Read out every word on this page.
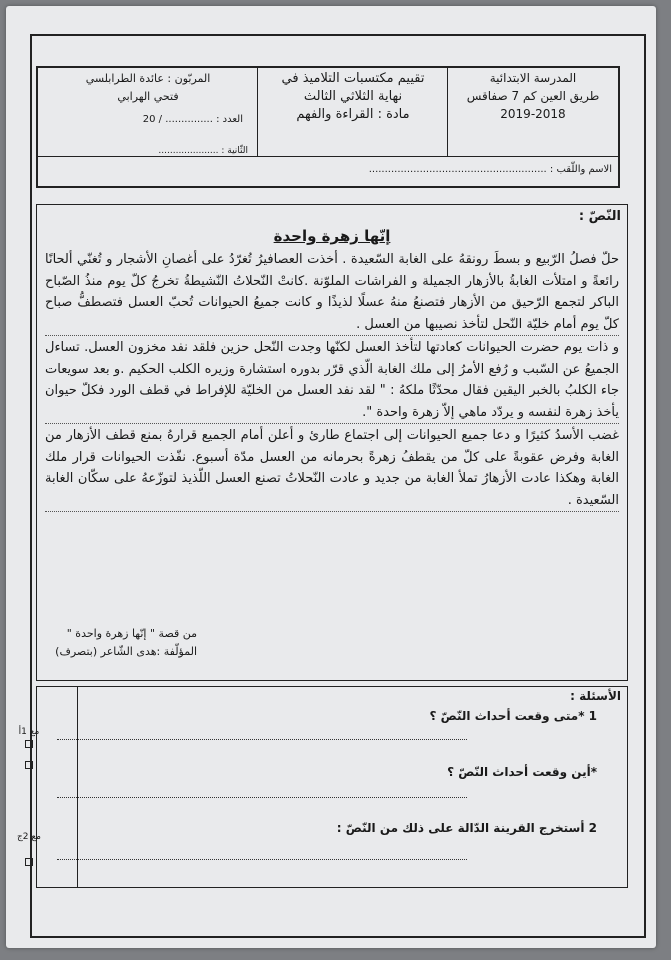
المدرسة الابتدائية
طريق العين كم 7 صفاقس
2019-2018
تقييم مكتسبات التلاميذ في
نهاية الثلاثي الثالث
مادة : القراءة والفهم
المربّون : عائدة الطرابلسي
فتحي الهرابي
العدد : ............... / 20
الثّانية : .....................
الاسم واللّقب : ........................................................
النّصّ :
إنّها زهرة واحدة

حلّ فصلُ الرّبيع و بسطَ رونقهُ على الغابة السّعيدة . أخذت العصافيرُ تُغرّدُ على أغصانِ الأشجار و تُغنّي ألحانًا رائعةً و امتلأت الغابةُ بالأزهار الجميلة و الفراشات الملوّنة .كانتْ النّحلاتُ النّشيطةُ تخرجُ كلّ يوم منذُ الصّباح الباكر لتجمع الرّحيق من الأزهار فتصنعُ منهُ عسلًا لذيذًا و كانت جميعُ الحيوانات تُحبّ العسل فتصطفُّ صباح كلّ يوم أمام خليّة النّحل لتأخذ نصيبها من العسل .

و ذات يوم حضرت الحيوانات كعادتها لتأخذ العسل لكنّها وجدت النّحل حزين فلقد نفد مخزون العسل. تساءل الجميعُ عن السّبب و رُفع الأمرُ إلى ملك الغابة الّذي قرّر بدوره استشارة وزيره الكلب الحكيم .و بعد سويعات جاء الكلبُ بالخبر اليقين فقال محدّثًا ملكهُ : " لقد نفد العسل من الخليّة للإفراط في قطف الورد فكلّ حيوان يأخذ زهرة لنفسه و يردّد ماهي إلاّ زهرة واحدة ".

غضب الأسدُ كثيرًا و دعا جميع الحيوانات إلى اجتماع طارئ و أعلن أمام الجميع قرارهُ بمنع قطف الأزهار من الغابة وفرض عقوبةً على كلّ من يقطفُ زهرةً بحرمانه من العسل مدّة أسبوع. نفّذت الحيوانات قرار ملك الغابة وهكذا عادت الأزهارُ تملأ الغابة من جديد و عادت النّحلاتُ تصنع العسل اللّذيذ لتوزّعهُ على سكّان الغابة السّعيدة .

من قصة " إنّها زهرة واحدة "
المؤلّفة :هدى الشّاعر (بتصرف)
الأسئلة :
1 *متى وقعت أحداث النّصّ ؟
*أين وقعت أحداث النّصّ ؟
2 أستخرج القرينة الدّالة على ذلك من النّصّ :
مع 1أ

مع 2ج
